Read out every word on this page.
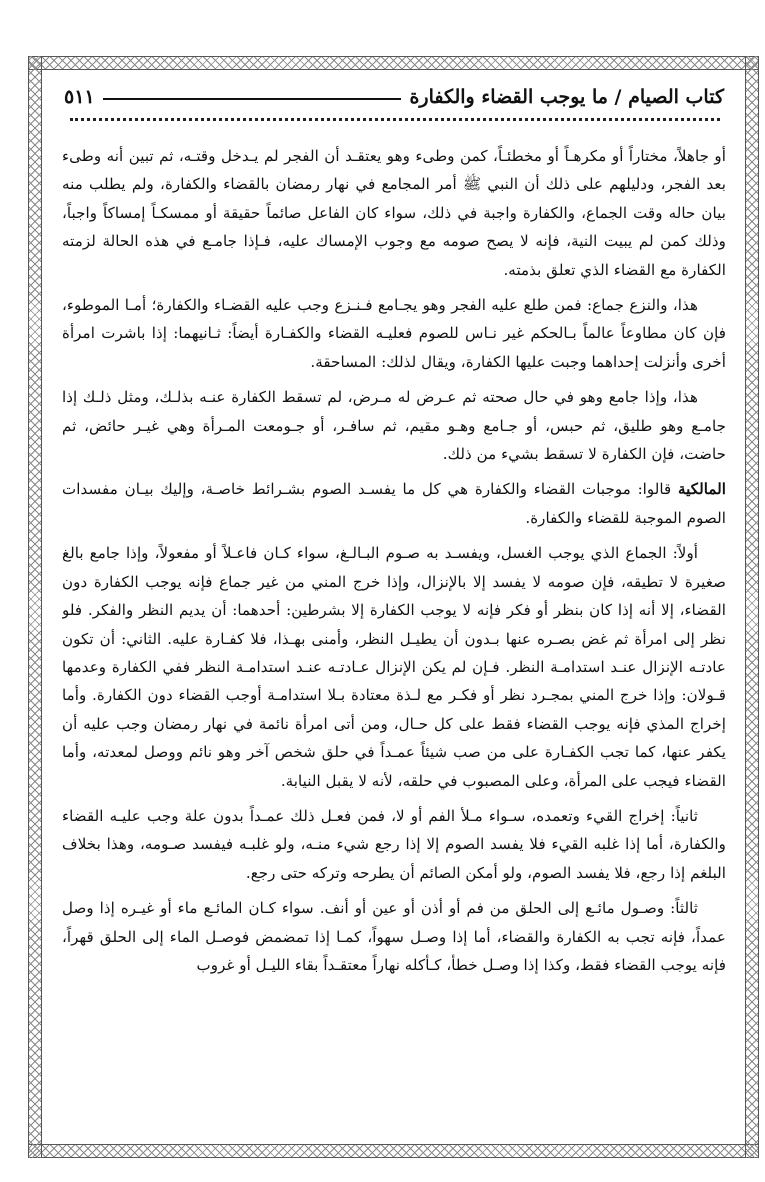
كتاب الصيام / ما يوجب القضاء والكفارة
٥١١

أو جاهلاً، مختاراً أو مكرهـاً أو مخطئـاً، كمن وطىء وهو يعتقـد أن الفجر لم يـدخل وقتـه، ثم تبين أنه وطىء بعد الفجر، ودليلهم على ذلك أن النبي ﷺ أمر المجامع في نهار رمضان بالقضاء والكفارة، ولم يطلب منه بيان حاله وقت الجماع، والكفارة واجبة في ذلك، سواء كان الفاعل صائماً حقيقة أو ممسكـاً إمساكاً واجباً، وذلك كمن لم يبيت النية، فإنه لا يصح صومه مع وجوب الإمساك عليه، فـإذا جامـع في هذه الحالة لزمته الكفارة مع القضاء الذي تعلق بذمته.

هذا، والنزع جماع: فمن طلع عليه الفجر وهو يجـامع فـنـزع وجب عليه القضـاء والكفارة؛ أمـا الموطوء، فإن كان مطاوعاً عالماً بـالحكم غير نـاس للصوم فعليـه القضاء والكفـارة أيضاً: ثـانيهما: إذا باشرت امرأة أخرى وأنزلت إحداهما وجبت عليها الكفارة، ويقال لذلك: المساحقة.

هذا، وإذا جامع وهو في حال صحته ثم عـرض له مـرض، لم تسقط الكفارة عنـه بذلـك، ومثل ذلـك إذا جامـع وهو طليق، ثم حبس، أو جـامع وهـو مقيم، ثم سافـر، أو جـومعت المـرأة وهي غيـر حائض، ثم حاضت، فإن الكفارة لا تسقط بشيء من ذلك.

المالكية قالوا: موجبات القضاء والكفارة هي كل ما يفسـد الصوم بشـرائط خاصـة، وإليك بيـان مفسدات الصوم الموجبة للقضاء والكفارة.

أولاً: الجماع الذي يوجب الغسل، ويفسـد به صـوم البـالـغ، سواء كـان فاعـلاً أو مفعولاً، وإذا جامع بالغ صغيرة لا تطيقه، فإن صومه لا يفسد إلا بالإنزال، وإذا خرج المني من غير جماع فإنه يوجب الكفارة دون القضاء، إلا أنه إذا كان بنظر أو فكر فإنه لا يوجب الكفارة إلا بشرطين: أحدهما: أن يديم النظر والفكر. فلو نظر إلى امرأة ثم غض بصـره عنها بـدون أن يطيـل النظر، وأمنى بهـذا، فلا كفـارة عليه. الثاني: أن تكون عادتـه الإنزال عنـد استدامـة النظر. فـإن لم يكن الإنزال عـادتـه عنـد استدامـة النظر ففي الكفارة وعدمها قـولان: وإذا خرج المني بمجـرد نظر أو فكـر مع لـذة معتادة بـلا استدامـة أوجب القضاء دون الكفارة. وأما إخراج المذي فإنه يوجب القضاء فقط على كل حـال، ومن أتى امرأة نائمة في نهار رمضان وجب عليه أن يكفر عنها، كما تجب الكفـارة على من صب شيئاً عمـداً في حلق شخص آخر وهو نائم ووصل لمعدته، وأما القضاء فيجب على المرأة، وعلى المصبوب في حلقه، لأنه لا يقبل النيابة.

ثانياً: إخراج القيء وتعمده، سـواء مـلأ الفم أو لا، فمن فعـل ذلك عمـداً بدون علة وجب عليـه القضاء والكفارة، أما إذا غلبه القيء فلا يفسد الصوم إلا إذا رجع شيء منـه، ولو غلبـه فيفسد صـومه، وهذا بخلاف البلغم إذا رجع، فلا يفسد الصوم، ولو أمكن الصائم أن يطرحه وتركه حتى رجع.

ثالثاً: وصـول مائـع إلى الحلق من فم أو أذن أو عين أو أنف. سواء كـان المائـع ماء أو غيـره إذا وصل عمداً، فإنه تجب به الكفارة والقضاء، أما إذا وصـل سهواً، كمـا إذا تمضمض فوصـل الماء إلى الحلق قهراً، فإنه يوجب القضاء فقط، وكذا إذا وصـل خطأ، كـأكله نهاراً معتقـداً بقاء الليـل أو غروب
